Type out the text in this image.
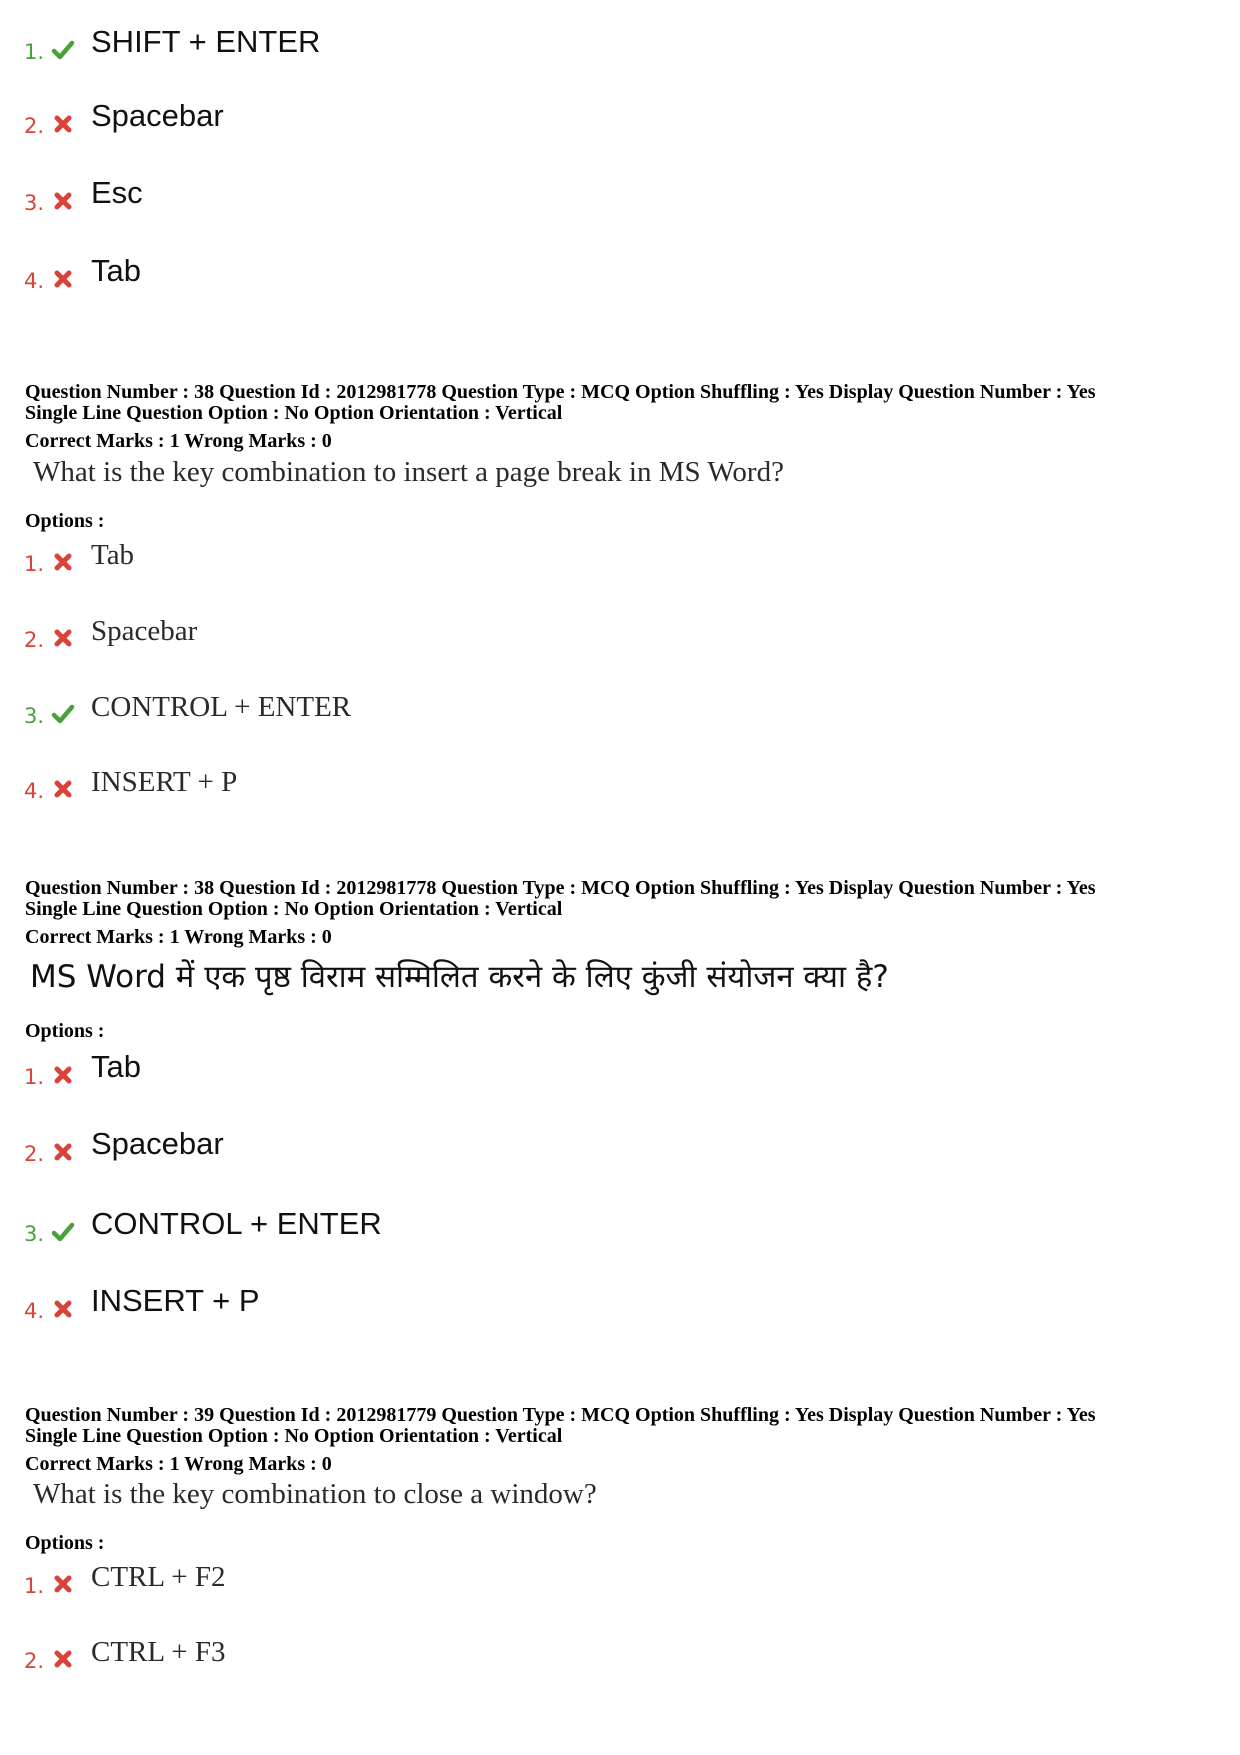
1. SHIFT + ENTER
2. Spacebar
3. Esc
4. Tab
Question Number : 38 Question Id : 2012981778 Question Type : MCQ Option Shuffling : Yes Display Question Number : Yes
Single Line Question Option : No Option Orientation : Vertical
Correct Marks : 1 Wrong Marks : 0
What is the key combination to insert a page break in MS Word?
Options :
1. Tab
2. Spacebar
3. CONTROL + ENTER
4. INSERT + P
Question Number : 38 Question Id : 2012981778 Question Type : MCQ Option Shuffling : Yes Display Question Number : Yes
Single Line Question Option : No Option Orientation : Vertical
Correct Marks : 1 Wrong Marks : 0
MS Word में एक पृष्ठ विराम सम्मिलित करने के लिए कुंजी संयोजन क्या है?
Options :
1. Tab
2. Spacebar
3. CONTROL + ENTER
4. INSERT + P
Question Number : 39 Question Id : 2012981779 Question Type : MCQ Option Shuffling : Yes Display Question Number : Yes
Single Line Question Option : No Option Orientation : Vertical
Correct Marks : 1 Wrong Marks : 0
What is the key combination to close a window?
Options :
1. CTRL + F2
2. CTRL + F3
